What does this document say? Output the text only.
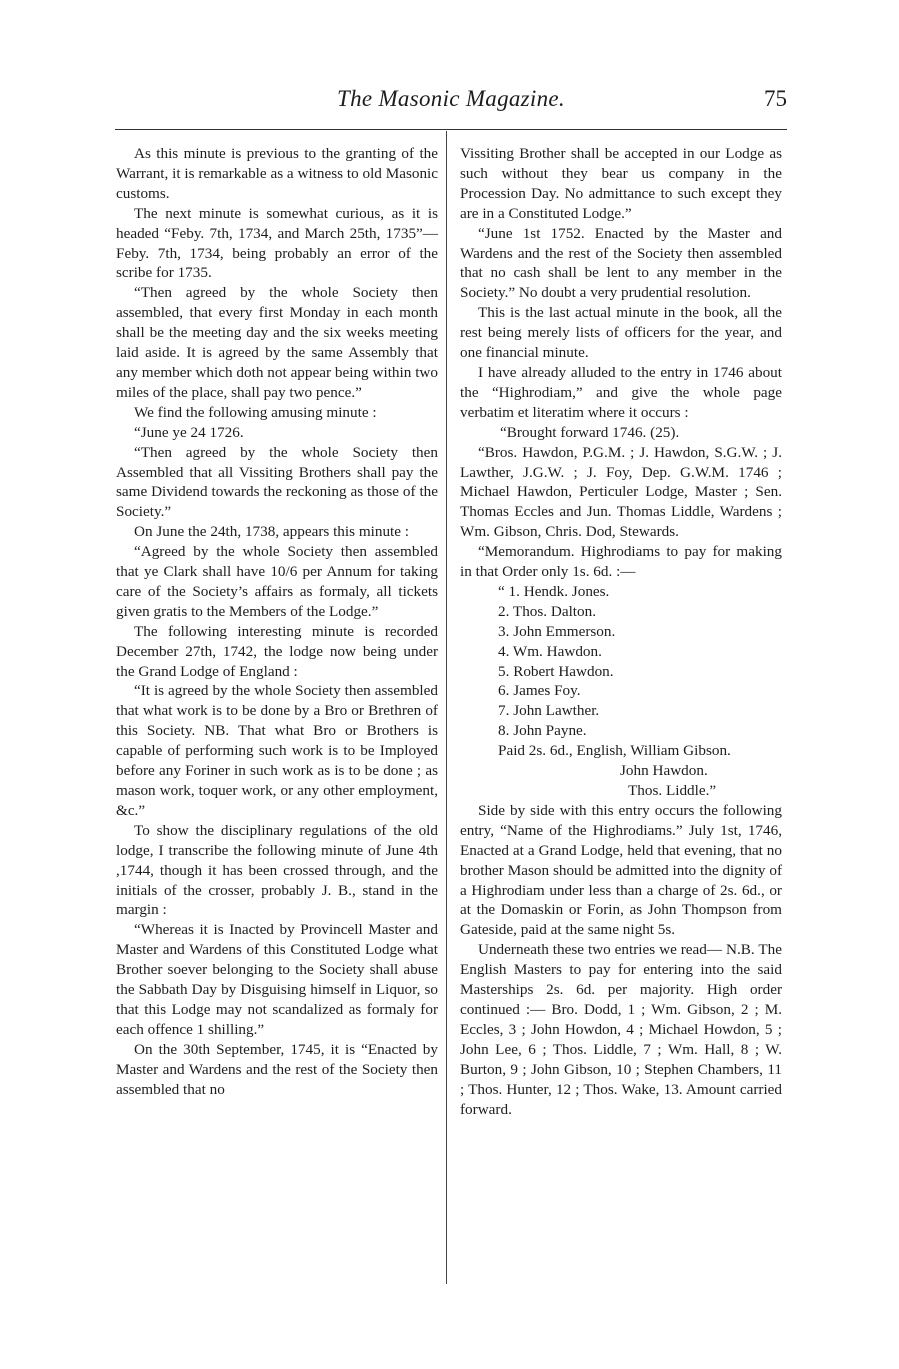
The Masonic Magazine.	75

As this minute is previous to the granting of the Warrant, it is remarkable as a witness to old Masonic customs.

The next minute is somewhat curious, as it is headed “Feby. 7th, 1734, and March 25th, 1735”—Feby. 7th, 1734, being probably an error of the scribe for 1735.

“Then agreed by the whole Society then assembled, that every first Monday in each month shall be the meeting day and the six weeks meeting laid aside. It is agreed by the same Assembly that any member which doth not appear being within two miles of the place, shall pay two pence.”

We find the following amusing minute :

“June ye 24 1726.

“Then agreed by the whole Society then Assembled that all Vissiting Brothers shall pay the same Dividend towards the reckoning as those of the Society.”

On June the 24th, 1738, appears this minute :

“Agreed by the whole Society then assembled that ye Clark shall have 10/6 per Annum for taking care of the Society’s affairs as formaly, all tickets given gratis to the Members of the Lodge.”

The following interesting minute is recorded December 27th, 1742, the lodge now being under the Grand Lodge of England :

“It is agreed by the whole Society then assembled that what work is to be done by a Bro or Brethren of this Society. NB. That what Bro or Brothers is capable of performing such work is to be Imployed before any Foriner in such work as is to be done ; as mason work, toquer work, or any other employment, &c.”

To show the disciplinary regulations of the old lodge, I transcribe the following minute of June 4th ,1744, though it has been crossed through, and the initials of the crosser, probably J. B., stand in the margin :

“Whereas it is Inacted by Provincell Master and Master and Wardens of this Constituted Lodge what Brother soever belonging to the Society shall abuse the Sabbath Day by Disguising himself in Liquor, so that this Lodge may not scandalized as formaly for each offence 1 shilling.”

On the 30th September, 1745, it is “Enacted by Master and Wardens and the rest of the Society then assembled that no

Vissiting Brother shall be accepted in our Lodge as such without they bear us company in the Procession Day. No admittance to such except they are in a Constituted Lodge.”

“June 1st 1752. Enacted by the Master and Wardens and the rest of the Society then assembled that no cash shall be lent to any member in the Society.” No doubt a very prudential resolution.

This is the last actual minute in the book, all the rest being merely lists of officers for the year, and one financial minute.

I have already alluded to the entry in 1746 about the “Highrodiam,” and give the whole page verbatim et literatim where it occurs :

“Brought forward 1746. (25).

“Bros. Hawdon, P.G.M. ; J. Hawdon, S.G.W. ; J. Lawther, J.G.W. ; J. Foy, Dep. G.W.M. 1746 ; Michael Hawdon, Perticuler Lodge, Master ; Sen. Thomas Eccles and Jun. Thomas Liddle, Wardens ; Wm. Gibson, Chris. Dod, Stewards.

“Memorandum. Highrodiams to pay for making in that Order only 1s. 6d. :—

“ 1. Hendk. Jones.

2. Thos. Dalton.

3. John Emmerson.

4. Wm. Hawdon.

5. Robert Hawdon.

6. James Foy.

7. John Lawther.

8. John Payne.

Paid 2s. 6d., English, William Gibson.

John Hawdon.

Thos. Liddle.”

Side by side with this entry occurs the following entry, “Name of the Highrodiams.” July 1st, 1746, Enacted at a Grand Lodge, held that evening, that no brother Mason should be admitted into the dignity of a Highrodiam under less than a charge of 2s. 6d., or at the Domaskin or Forin, as John Thompson from Gateside, paid at the same night 5s.

Underneath these two entries we read— N.B. The English Masters to pay for entering into the said Masterships 2s. 6d. per majority. High order continued :— Bro. Dodd, 1 ; Wm. Gibson, 2 ; M. Eccles, 3 ; John Howdon, 4 ; Michael Howdon, 5 ; John Lee, 6 ; Thos. Liddle, 7 ; Wm. Hall, 8 ; W. Burton, 9 ; John Gibson, 10 ; Stephen Chambers, 11 ; Thos. Hunter, 12 ; Thos. Wake, 13. Amount carried forward.
